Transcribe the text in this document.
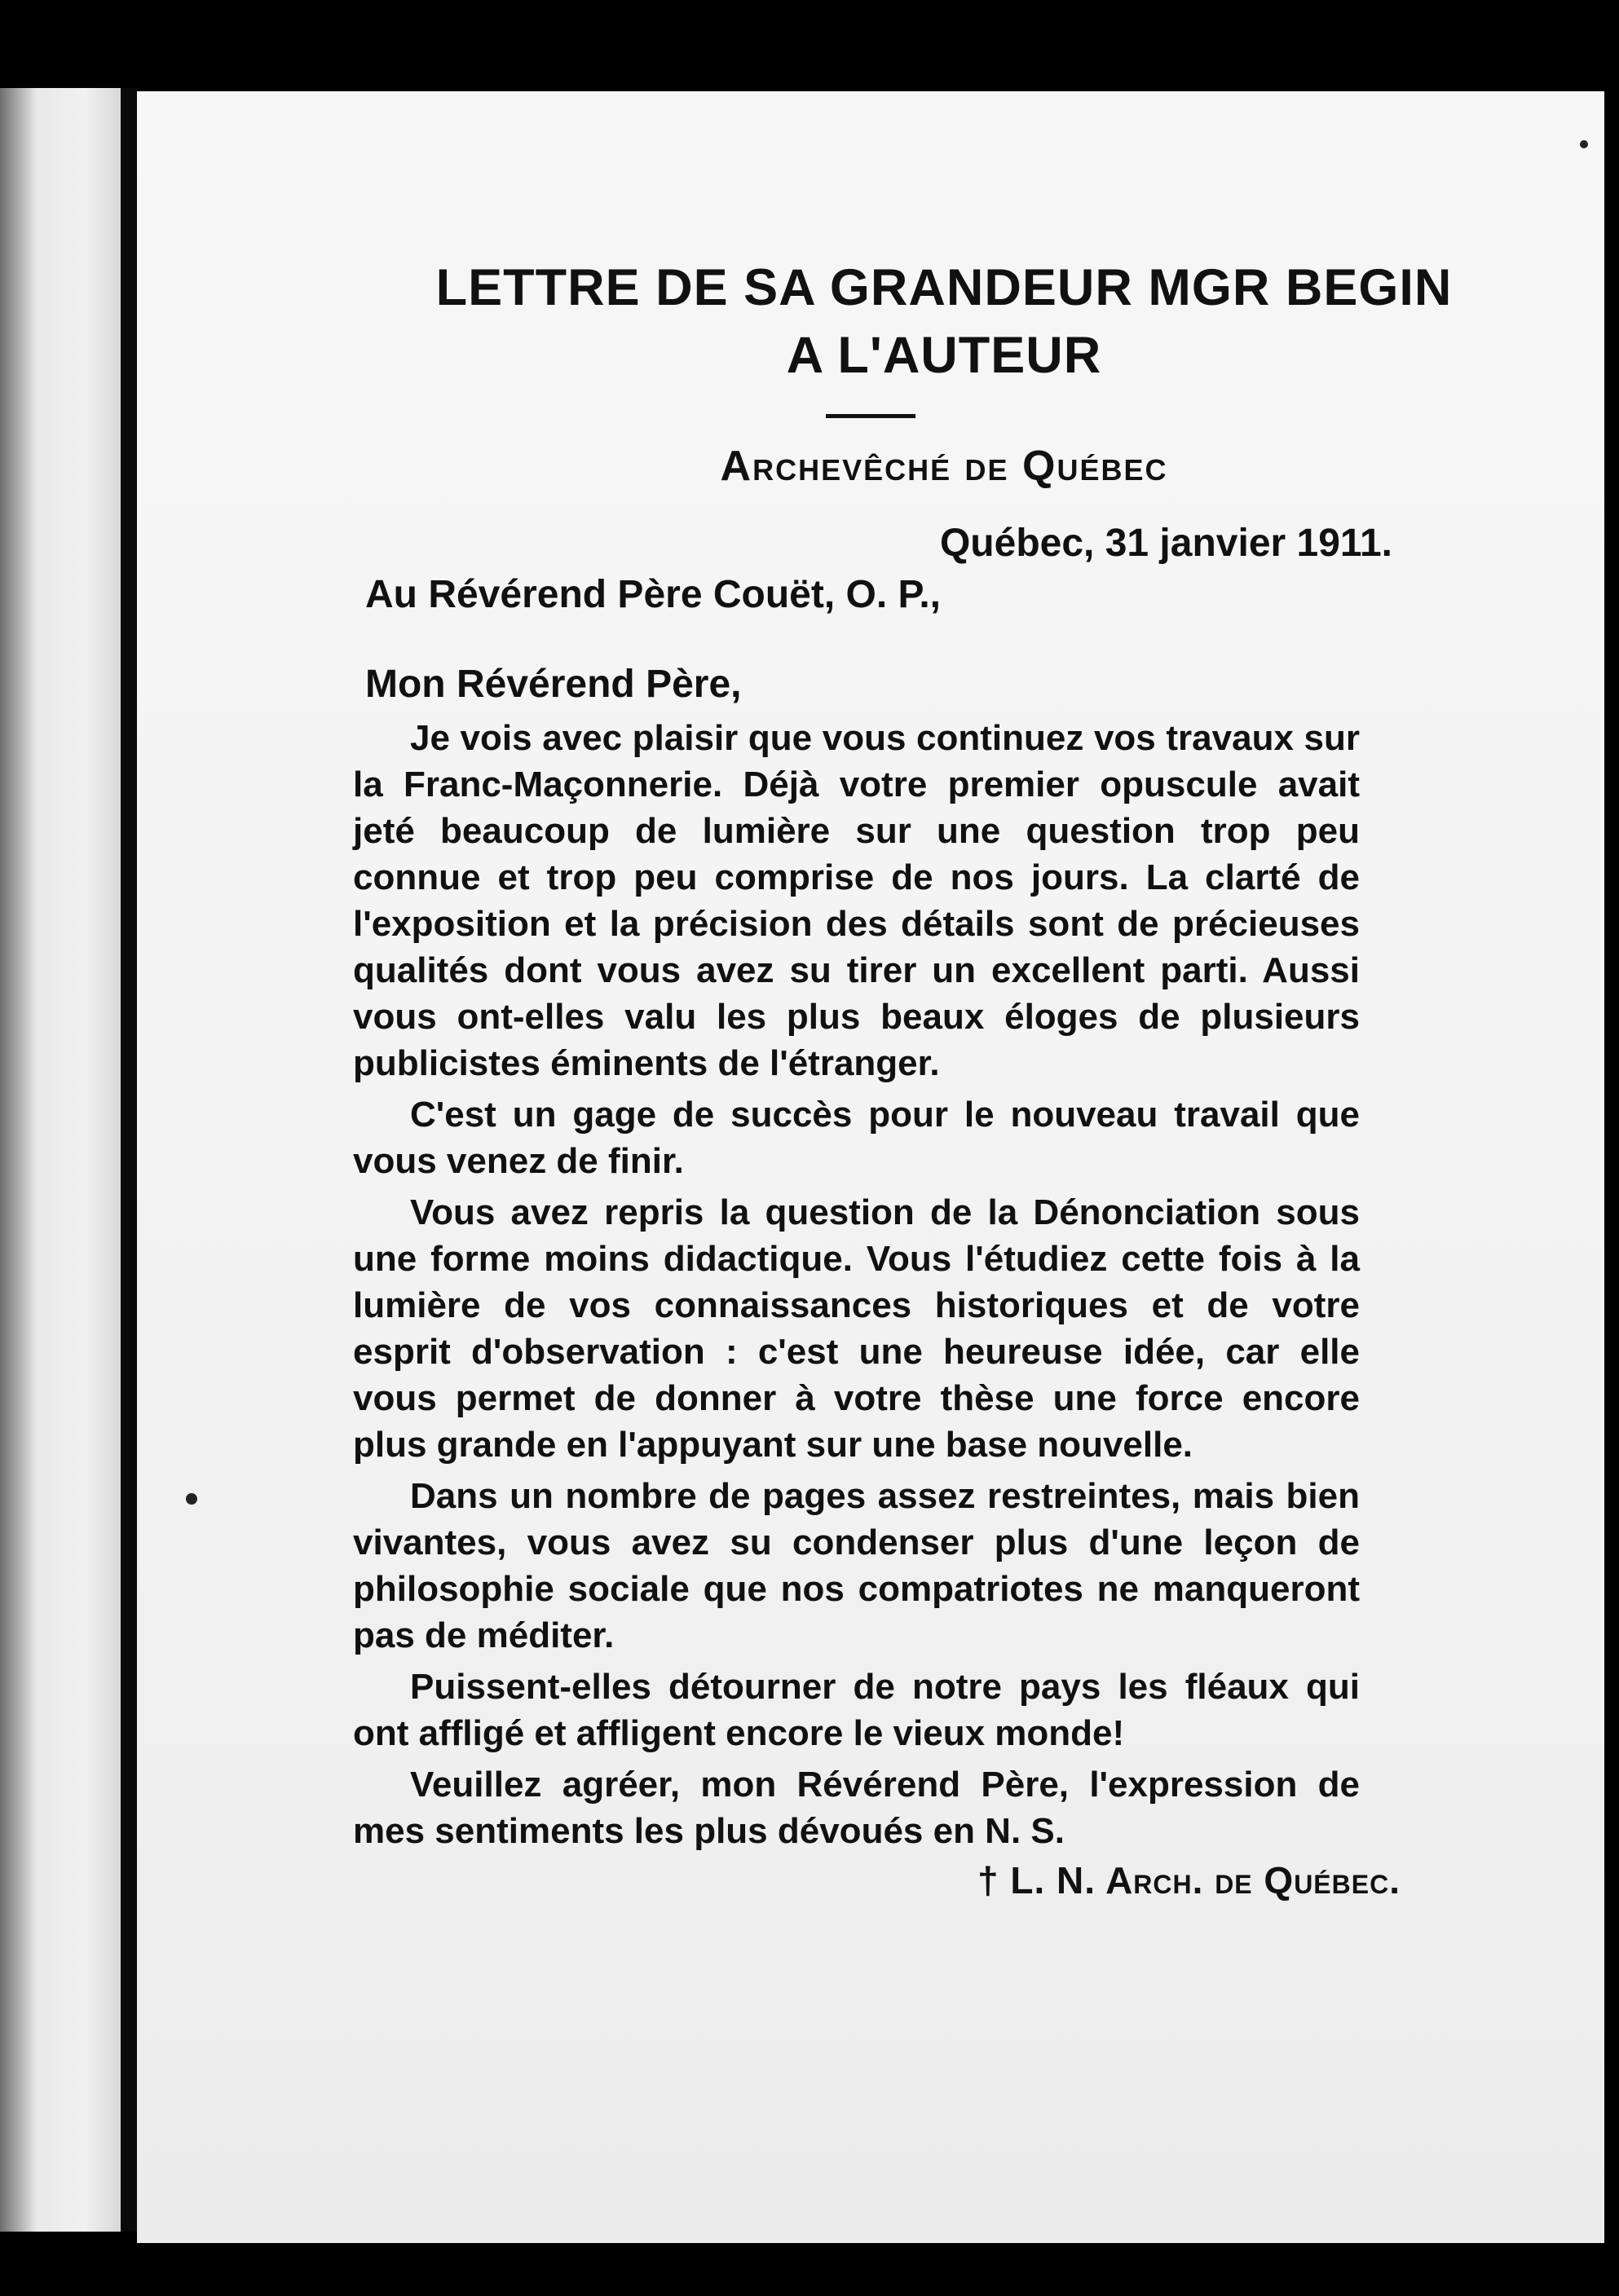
LETTRE DE SA GRANDEUR MGR BEGIN
A L'AUTEUR
Archevêché de Québec
Québec, 31 janvier 1911.
Au Révérend Père Couët, O. P.,
Mon Révérend Père,

Je vois avec plaisir que vous continuez vos travaux sur la Franc-Maçonnerie. Déjà votre premier opuscule avait jeté beaucoup de lumière sur une question trop peu connue et trop peu comprise de nos jours. La clarté de l'exposition et la précision des détails sont de précieuses qualités dont vous avez su tirer un excellent parti. Aussi vous ont-elles valu les plus beaux éloges de plusieurs publicistes éminents de l'étranger.

C'est un gage de succès pour le nouveau travail que vous venez de finir.

Vous avez repris la question de la Dénonciation sous une forme moins didactique. Vous l'étudiez cette fois à la lumière de vos connaissances historiques et de votre esprit d'observation : c'est une heureuse idée, car elle vous permet de donner à votre thèse une force encore plus grande en l'appuyant sur une base nouvelle.

Dans un nombre de pages assez restreintes, mais bien vivantes, vous avez su condenser plus d'une leçon de philosophie sociale que nos compatriotes ne manqueront pas de méditer.

Puissent-elles détourner de notre pays les fléaux qui ont affligé et affligent encore le vieux monde!

Veuillez agréer, mon Révérend Père, l'expression de mes sentiments les plus dévoués en N. S.

† L. N. Arch. de Québec.
